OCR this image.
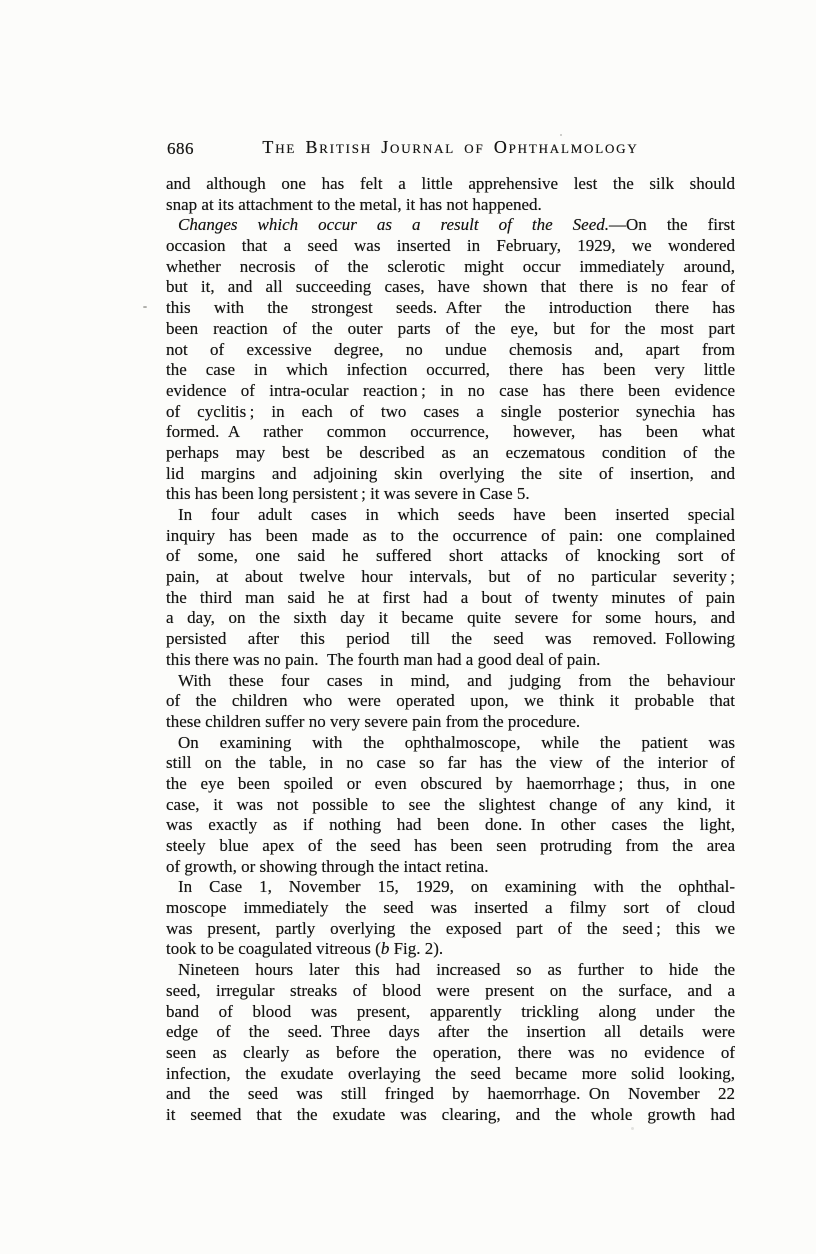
686	The British Journal of Ophthalmology
and although one has felt a little apprehensive lest the silk should
snap at its attachment to the metal, it has not happened.
Changes which occur as a result of the Seed.—On the first
occasion that a seed was inserted in February, 1929, we wondered
whether necrosis of the sclerotic might occur immediately around,
but it, and all succeeding cases, have shown that there is no fear of
this with the strongest seeds. After the introduction there has
been reaction of the outer parts of the eye, but for the most part
not of excessive degree, no undue chemosis and, apart from
the case in which infection occurred, there has been very little
evidence of intra-ocular reaction ; in no case has there been evidence
of cyclitis ; in each of two cases a single posterior synechia has
formed. A rather common occurrence, however, has been what
perhaps may best be described as an eczematous condition of the
lid margins and adjoining skin overlying the site of insertion, and
this has been long persistent ; it was severe in Case 5.
In four adult cases in which seeds have been inserted special
inquiry has been made as to the occurrence of pain: one complained
of some, one said he suffered short attacks of knocking sort of
pain, at about twelve hour intervals, but of no particular severity ;
the third man said he at first had a bout of twenty minutes of pain
a day, on the sixth day it became quite severe for some hours, and
persisted after this period till the seed was removed. Following
this there was no pain. The fourth man had a good deal of pain.
With these four cases in mind, and judging from the behaviour
of the children who were operated upon, we think it probable that
these children suffer no very severe pain from the procedure.
On examining with the ophthalmoscope, while the patient was
still on the table, in no case so far has the view of the interior of
the eye been spoiled or even obscured by haemorrhage ; thus, in one
case, it was not possible to see the slightest change of any kind, it
was exactly as if nothing had been done. In other cases the light,
steely blue apex of the seed has been seen protruding from the area
of growth, or showing through the intact retina.
In Case 1, November 15, 1929, on examining with the ophthal-
moscope immediately the seed was inserted a filmy sort of cloud
was present, partly overlying the exposed part of the seed ; this we
took to be coagulated vitreous (b Fig. 2).
Nineteen hours later this had increased so as further to hide the
seed, irregular streaks of blood were present on the surface, and a
band of blood was present, apparently trickling along under the
edge of the seed. Three days after the insertion all details were
seen as clearly as before the operation, there was no evidence of
infection, the exudate overlaying the seed became more solid looking,
and the seed was still fringed by haemorrhage. On November 22
it seemed that the exudate was clearing, and the whole growth had
